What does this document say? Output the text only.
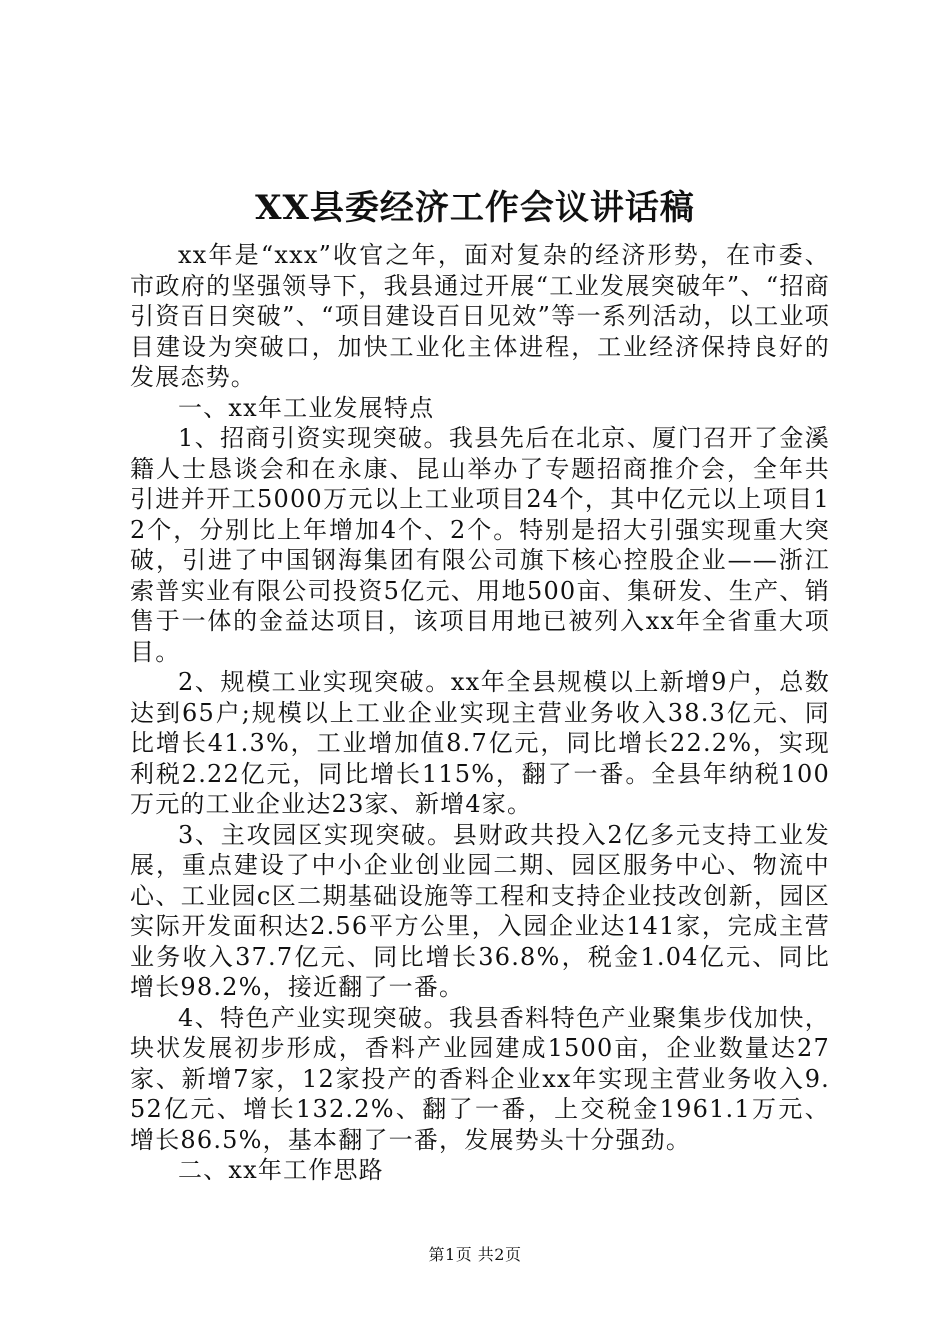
XX县委经济工作会议讲话稿

xx年是“xxx”收官之年，面对复杂的经济形势，在市委、市政府的坚强领导下，我县通过开展“工业发展突破年”、“招商引资百日突破”、“项目建设百日见效”等一系列活动，以工业项目建设为突破口，加快工业化主体进程，工业经济保持良好的发展态势。

一、xx年工业发展特点

1、招商引资实现突破。我县先后在北京、厦门召开了金溪籍人士恳谈会和在永康、昆山举办了专题招商推介会，全年共引进并开工5000万元以上工业项目24个，其中亿元以上项目12个，分别比上年增加4个、2个。特别是招大引强实现重大突破，引进了中国钢海集团有限公司旗下核心控股企业——浙江索普实业有限公司投资5亿元、用地500亩、集研发、生产、销售于一体的金益达项目，该项目用地已被列入xx年全省重大项目。

2、规模工业实现突破。xx年全县规模以上新增9户，总数达到65户;规模以上工业企业实现主营业务收入38.3亿元、同比增长41.3%，工业增加值8.7亿元，同比增长22.2%，实现利税2.22亿元，同比增长115%，翻了一番。全县年纳税100万元的工业企业达23家、新增4家。

3、主攻园区实现突破。县财政共投入2亿多元支持工业发展，重点建设了中小企业创业园二期、园区服务中心、物流中心、工业园c区二期基础设施等工程和支持企业技改创新，园区实际开发面积达2.56平方公里，入园企业达141家，完成主营业务收入37.7亿元、同比增长36.8%，税金1.04亿元、同比增长98.2%，接近翻了一番。

4、特色产业实现突破。我县香料特色产业聚集步伐加快，块状发展初步形成，香料产业园建成1500亩，企业数量达27家、新增7家，12家投产的香料企业xx年实现主营业务收入9.52亿元、增长132.2%、翻了一番，上交税金1961.1万元、增长86.5%，基本翻了一番，发展势头十分强劲。

二、xx年工作思路

第1页 共2页
